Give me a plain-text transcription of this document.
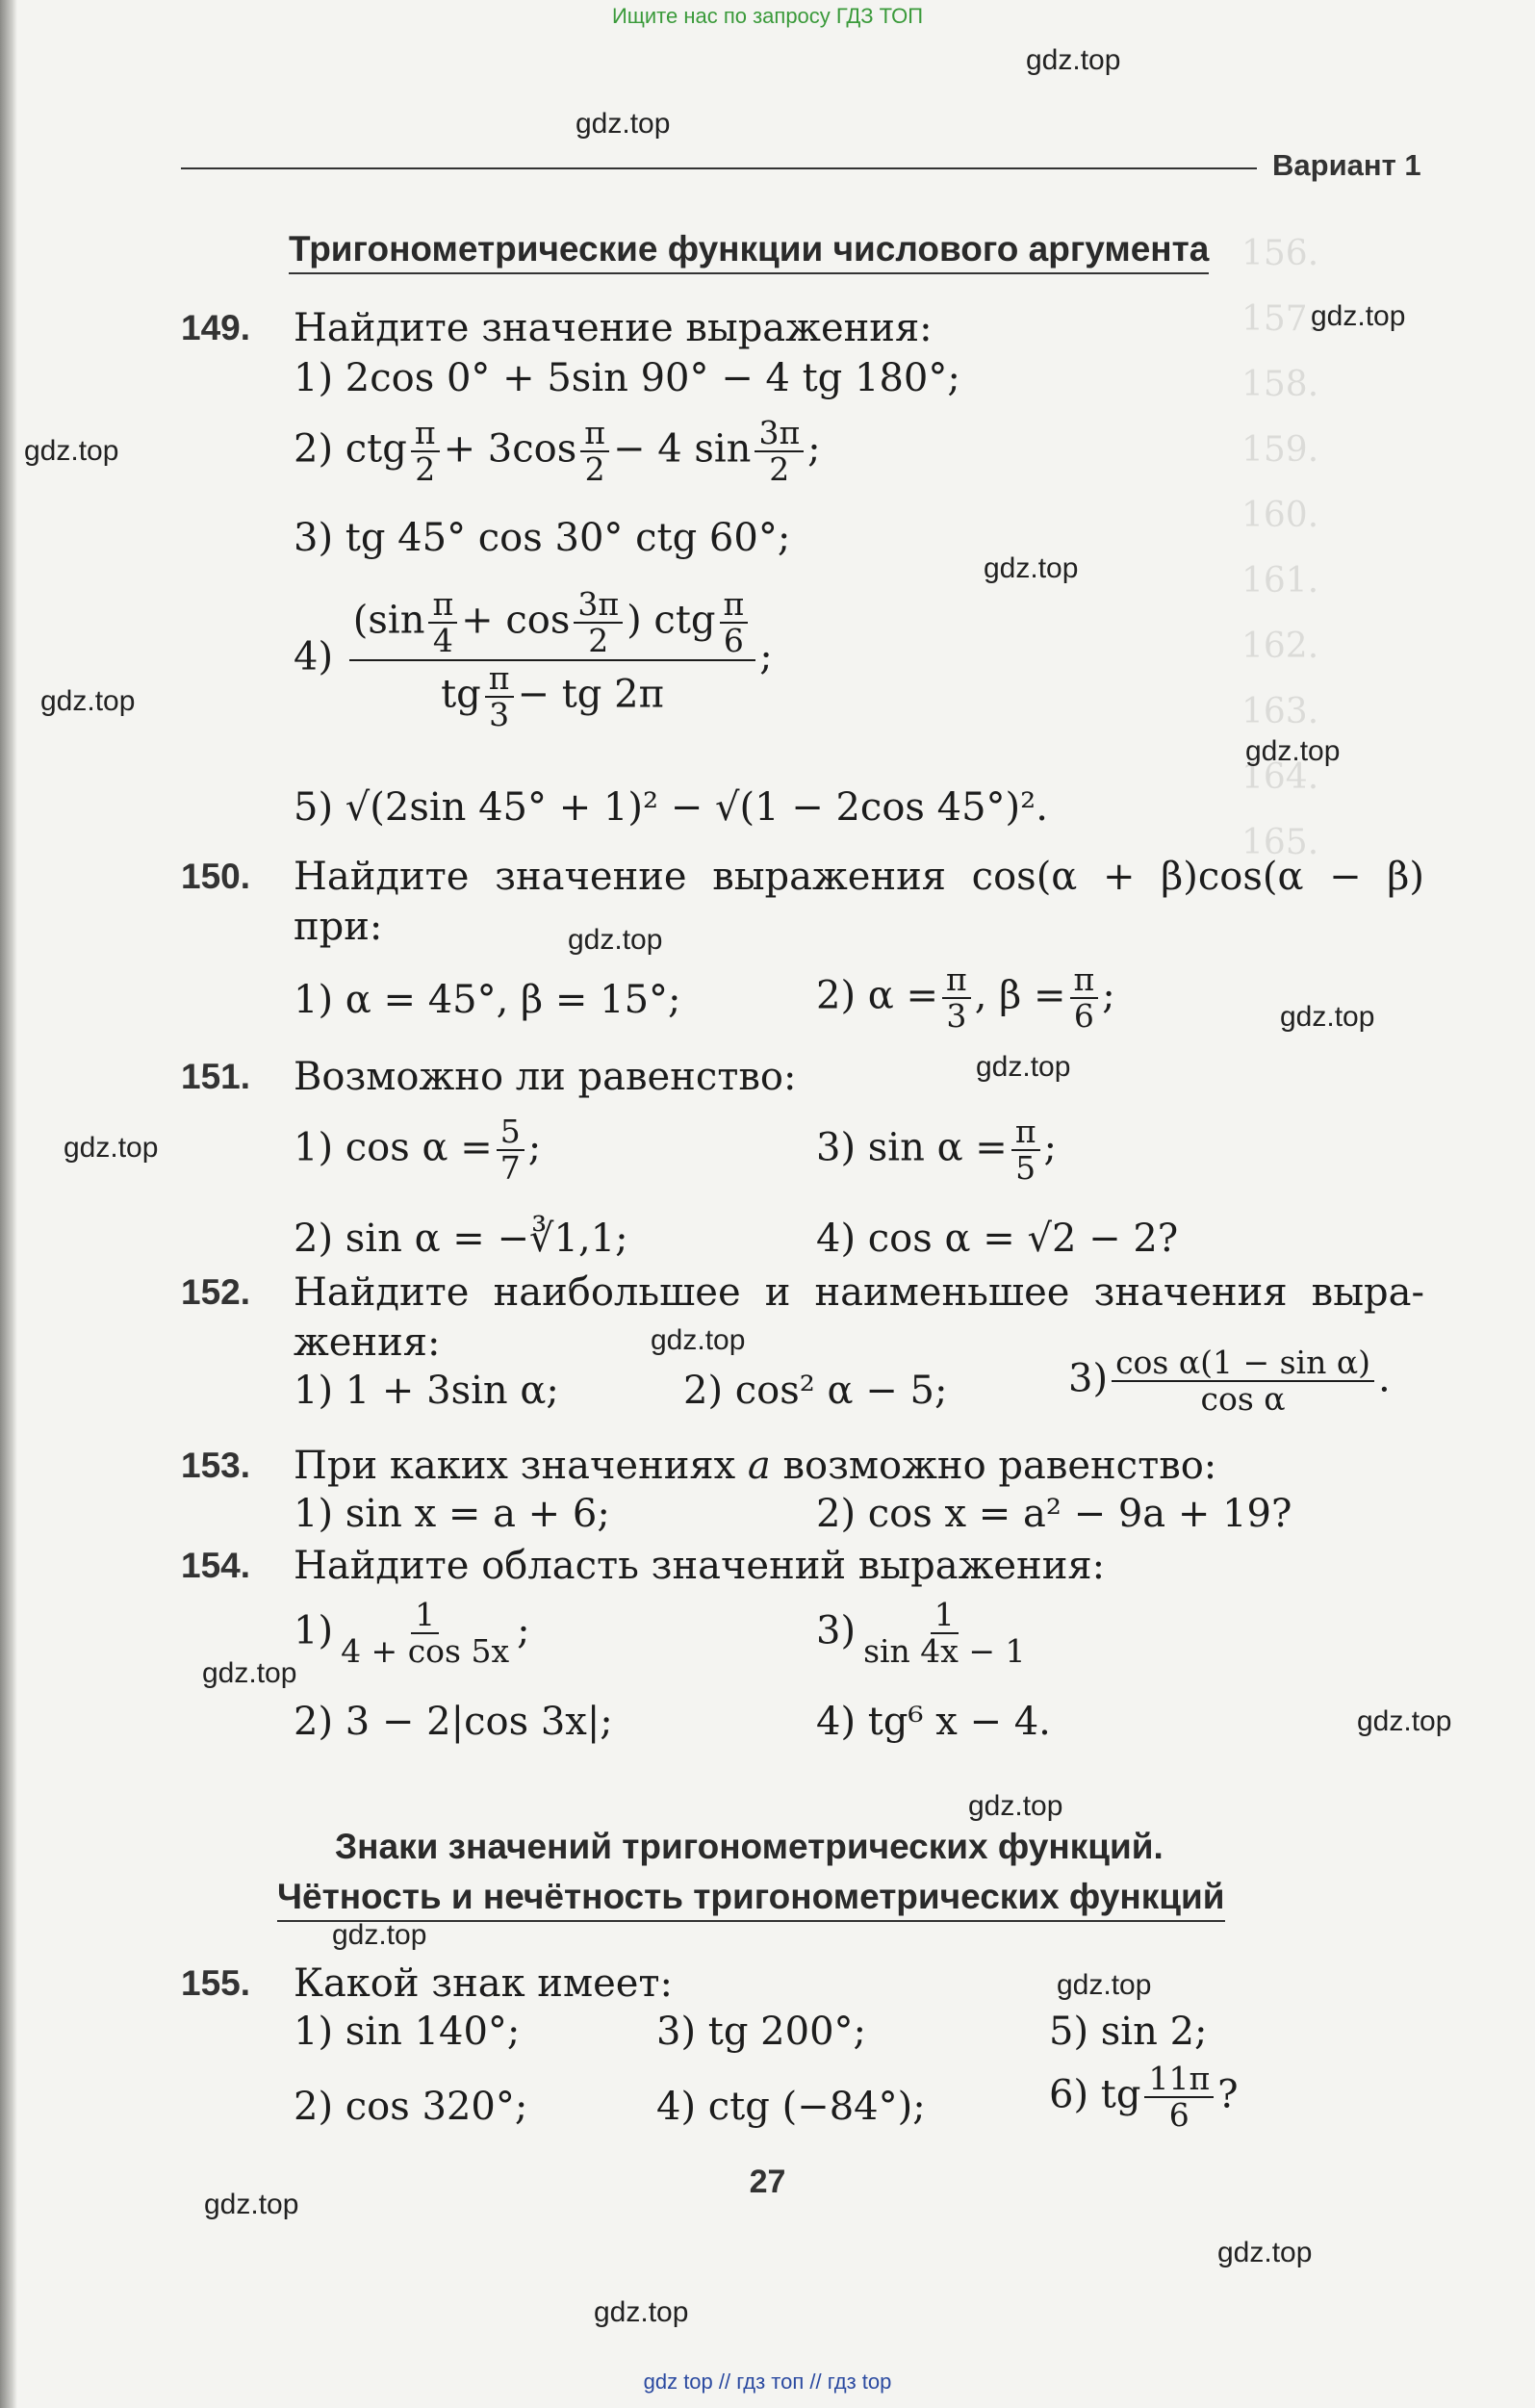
156.
157.
158.
159.
160.
161.
162.
163.
164.
165.
Ищите нас по запросу ГДЗ ТОП
gdz.top
gdz.top
Вариант 1
Тригонометрические функции числового аргумента
149. Найдите значение выражения:	gdz.top
1) 2cos 0° + 5sin 90° − 4 tg 180°;
gdz.top	2) ctg $\frac{\pi}{2} + 3\cos \frac{\pi}{2} - 4$ $\sin \frac{3\pi}{2}$ ;
gdz.top
3) tg 45° cos 30° ctg 60°;
$4) \frac{(\sin \frac{\pi}{4} + \cos \frac{3\pi}{2} ) ctg \frac{\pi}{6}}{tg \frac{\pi}{3} - tg 2\pi}$ ;
gdz.top
gdz.top
5) √(2sin 45° + 1)² − √(1 − 2cos 45°)².
150. Найдите значение выражения cos(α + β)cos(α − β)
при:	gdz.top
1) α = 45°, β = 15°;	2) $\alpha = \frac{\pi}{3}$ , $\beta = \frac{\pi}{6}$ ;	gdz.top
151. Возможно ли равенство:	gdz.top
gdz.top	1) $\cos \alpha = \frac{5}{7}$ ;	3) $\sin \alpha = \frac{\pi}{5}$ ;
2) sin α = −∛1,1;	4) cos α = √2 − 2?
152. Найдите наибольшее и наименьшее значения выра-
жения:	gdz.top
1) 1 + 3sin α;	2) cos² α − 5;	$3) \frac{\text{cos α(1 − sin α)}}{\text{cos α}}$ .
153. При каких значениях a возможно равенство:
1) sin x = a + 6;	2) cos x = a² − 9a + 19?
154. Найдите область значений выражения:
$1) \frac{1}{4 + \cos 5x}$ ;	$3) \frac{1}{\sin 4x - 1}$
gdz.top
2) 3 − 2|cos 3x|;	4) tg⁶ x − 4.	gdz.top
gdz.top
Знаки значений тригонометрических функций.
Чётность и нечётность тригонометрических функций
gdz.top
155. Какой знак имеет:	gdz.top
1) sin 140°;	3) tg 200°;	5) sin 2;
2) cos 320°;	4) ctg (−84°);	6) tg $\frac{11\pi}{6}$ ?
27
gdz.top
gdz.top
gdz.top
gdz top // гдз топ // гдз top
